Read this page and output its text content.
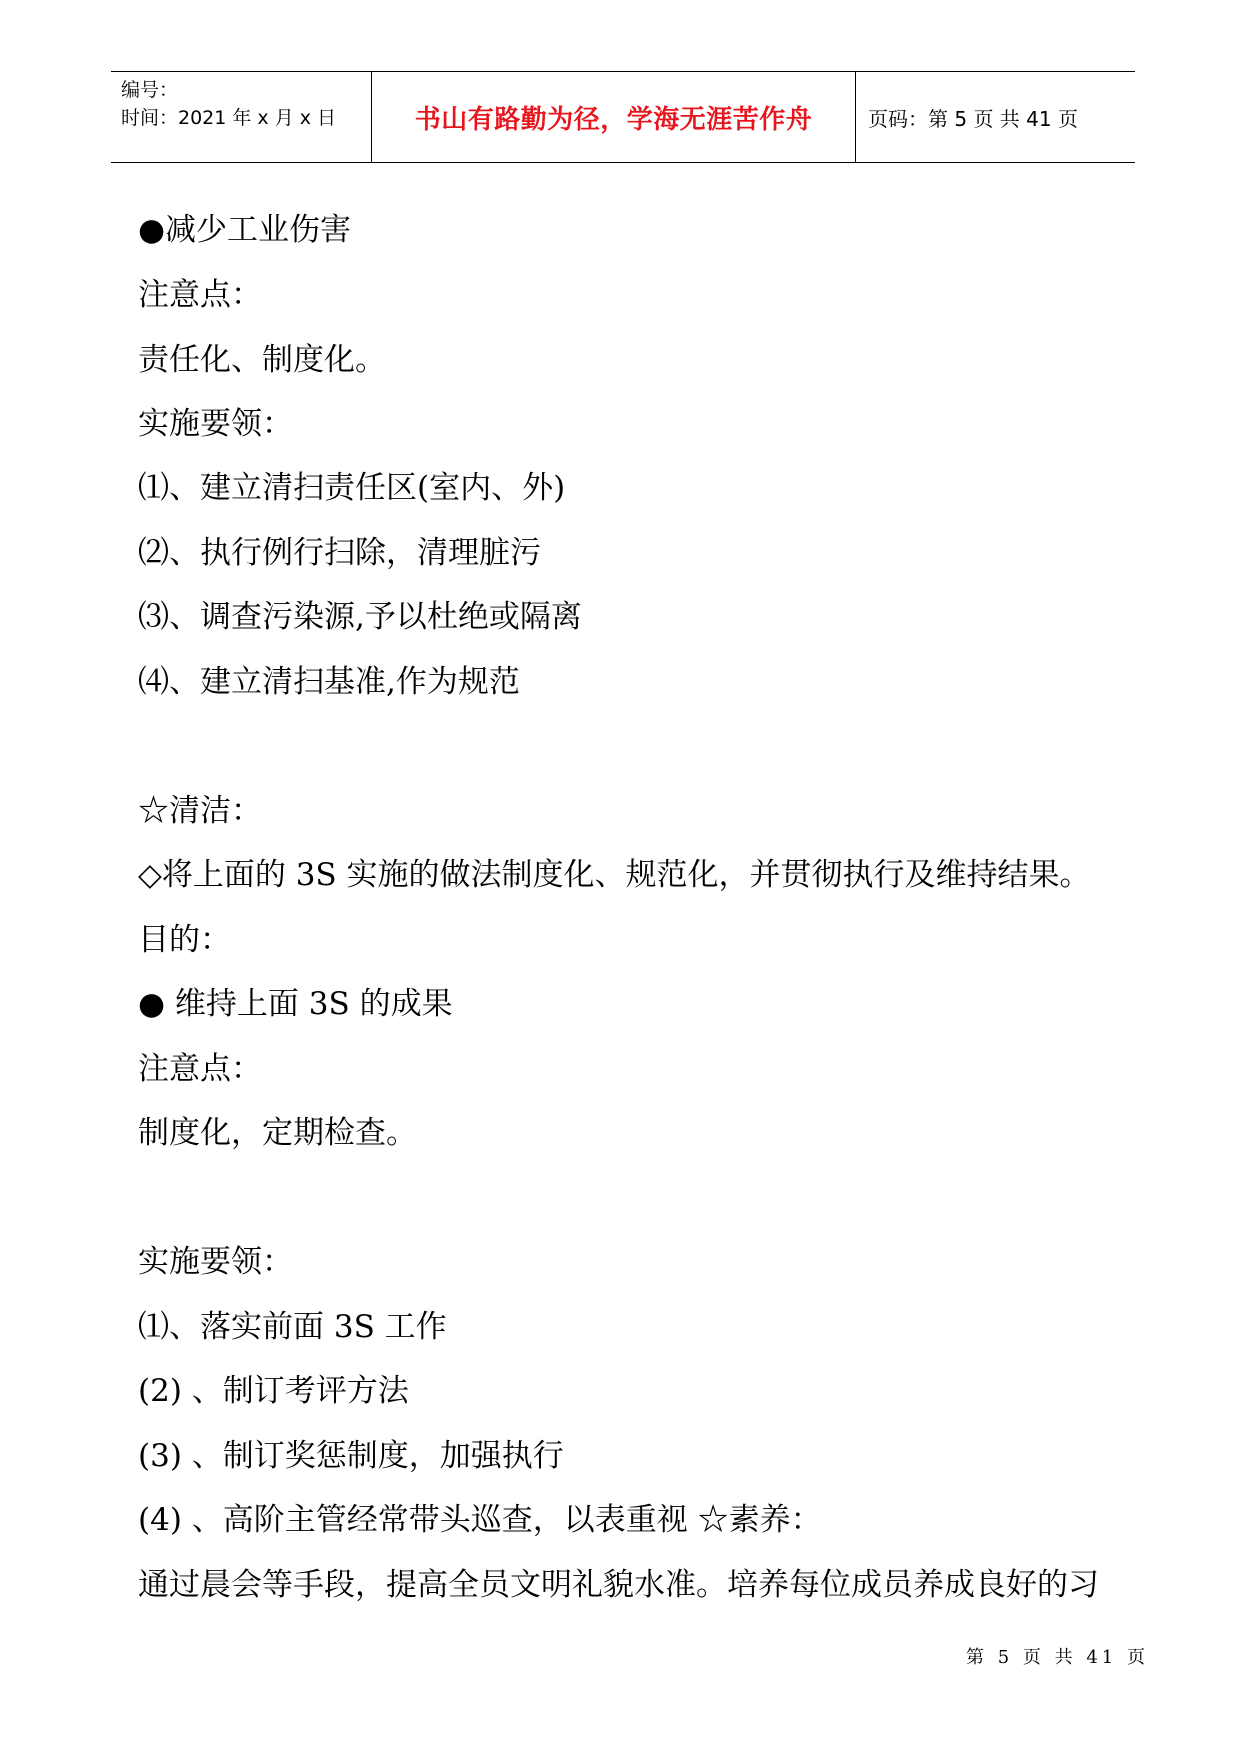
编号：
时间：2021 年 x 月 x 日	书山有路勤为径，学海无涯苦作舟	页码：第 5 页 共 41 页
●减少工业伤害
注意点：
责任化、制度化。
实施要领：
⑴、建立清扫责任区(室内、外)
⑵、执行例行扫除，清理脏污
⑶、调查污染源,予以杜绝或隔离
⑷、建立清扫基准,作为规范
☆清洁：
◇将上面的 3S 实施的做法制度化、规范化，并贯彻执行及维持结果。
目的：
● 维持上面 3S 的成果
注意点：
制度化，定期检查。
实施要领：
⑴、落实前面 3S 工作
(2) 、制订考评方法
(3) 、制订奖惩制度，加强执行
(4) 、高阶主管经常带头巡查，以表重视 ☆素养：
通过晨会等手段，提高全员文明礼貌水准。培养每位成员养成良好的习
第 5 页 共 41 页
